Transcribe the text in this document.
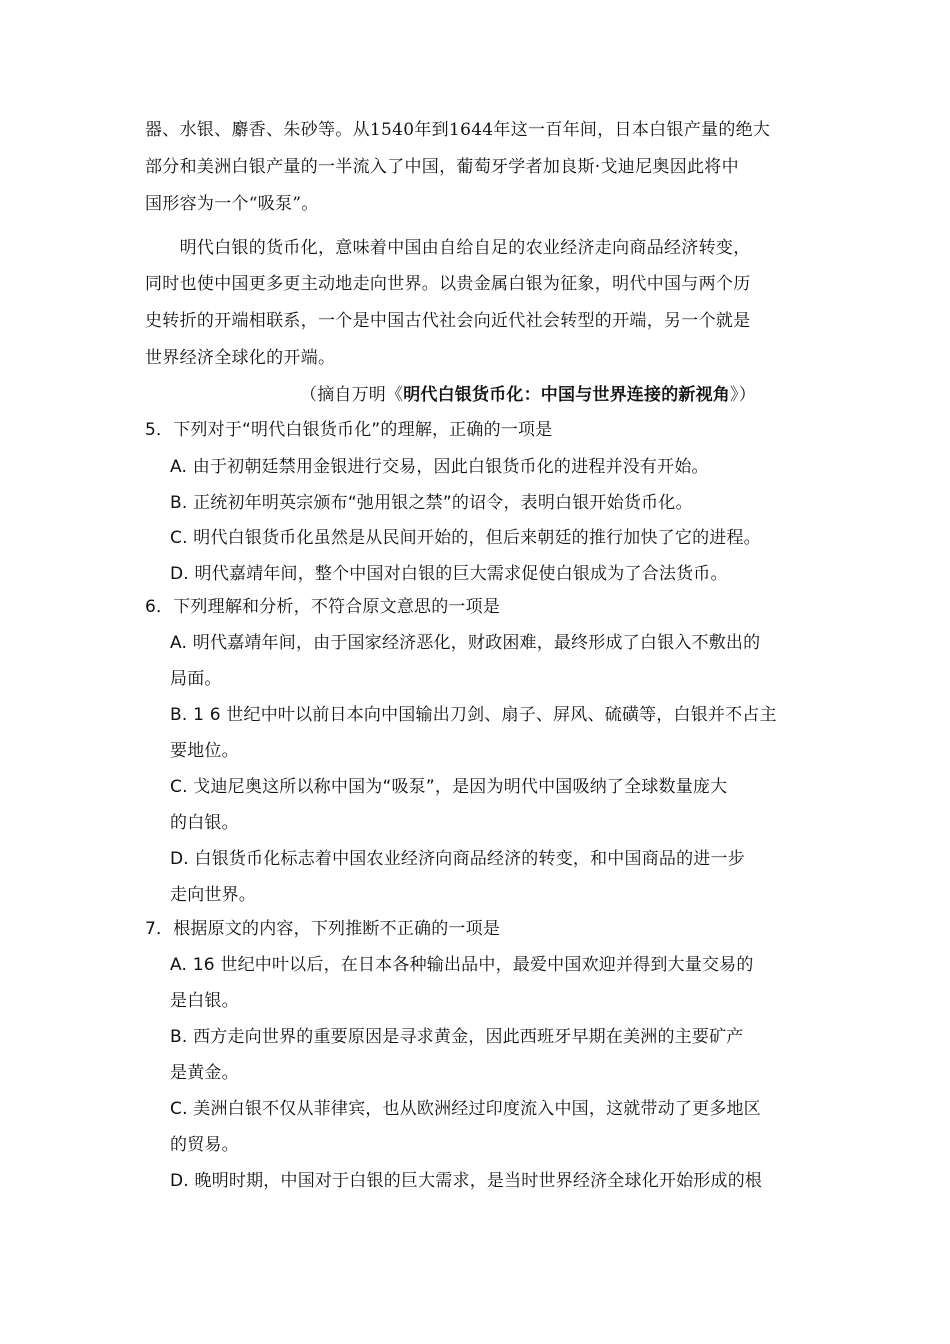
器、水银、麝香、朱砂等。从1540年到1644年这一百年间，日本白银产量的绝大
部分和美洲白银产量的一半流入了中国，葡萄牙学者加良斯·戈迪尼奥因此将中
国形容为一个“吸泵”。
　　明代白银的货币化，意味着中国由自给自足的农业经济走向商品经济转变，
同时也使中国更多更主动地走向世界。以贵金属白银为征象，明代中国与两个历
史转折的开端相联系，一个是中国古代社会向近代社会转型的开端，另一个就是
世界经济全球化的开端。
（摘自万明《明代白银货币化：中国与世界连接的新视角》）
5．下列对于“明代白银货币化”的理解，正确的一项是
A. 由于初朝廷禁用金银进行交易，因此白银货币化的进程并没有开始。
B. 正统初年明英宗颁布“弛用银之禁”的诏令，表明白银开始货币化。
C. 明代白银货币化虽然是从民间开始的，但后来朝廷的推行加快了它的进程。
D. 明代嘉靖年间，整个中国对白银的巨大需求促使白银成为了合法货币。
6．下列理解和分析，不符合原文意思的一项是
A. 明代嘉靖年间，由于国家经济恶化，财政困难，最终形成了白银入不敷出的
局面。
B. 1 6 世纪中叶以前日本向中国输出刀剑、扇子、屏风、硫磺等，白银并不占主
要地位。
C. 戈迪尼奥这所以称中国为“吸泵”，是因为明代中国吸纳了全球数量庞大
的白银。
D. 白银货币化标志着中国农业经济向商品经济的转变，和中国商品的进一步
走向世界。
7．根据原文的内容，下列推断不正确的一项是
A. 16 世纪中叶以后，在日本各种输出品中，最爱中国欢迎并得到大量交易的
是白银。
B. 西方走向世界的重要原因是寻求黄金，因此西班牙早期在美洲的主要矿产
是黄金。
C. 美洲白银不仅从菲律宾，也从欧洲经过印度流入中国，这就带动了更多地区
的贸易。
D. 晚明时期，中国对于白银的巨大需求，是当时世界经济全球化开始形成的根
